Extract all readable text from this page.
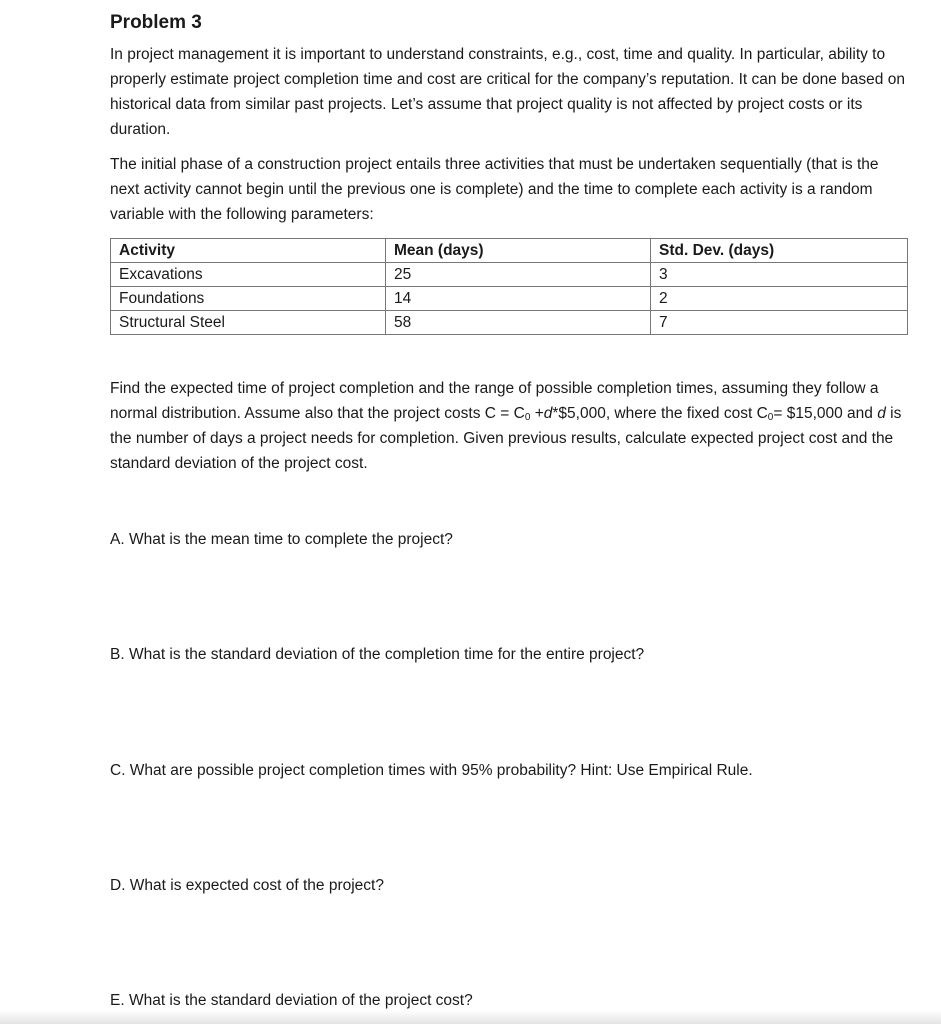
Problem 3

In project management it is important to understand constraints, e.g., cost, time and quality. In particular, ability to properly estimate project completion time and cost are critical for the company’s reputation. It can be done based on historical data from similar past projects. Let’s assume that project quality is not affected by project costs or its duration.

The initial phase of a construction project entails three activities that must be undertaken sequentially (that is the next activity cannot begin until the previous one is complete) and the time to complete each activity is a random variable with the following parameters:

Activity	Mean (days)	Std. Dev. (days)
Excavations	25	3
Foundations	14	2
Structural Steel	58	7

Find the expected time of project completion and the range of possible completion times, assuming they follow a normal distribution. Assume also that the project costs $C = C_0$ +d*$5,000, where the fixed cost $C_0=$ $15,000 and d is the number of days a project needs for completion. Given previous results, calculate expected project cost and the standard deviation of the project cost.

A. What is the mean time to complete the project?
B. What is the standard deviation of the completion time for the entire project?
C. What are possible project completion times with 95% probability? Hint: Use Empirical Rule.
D. What is expected cost of the project?
E. What is the standard deviation of the project cost?
